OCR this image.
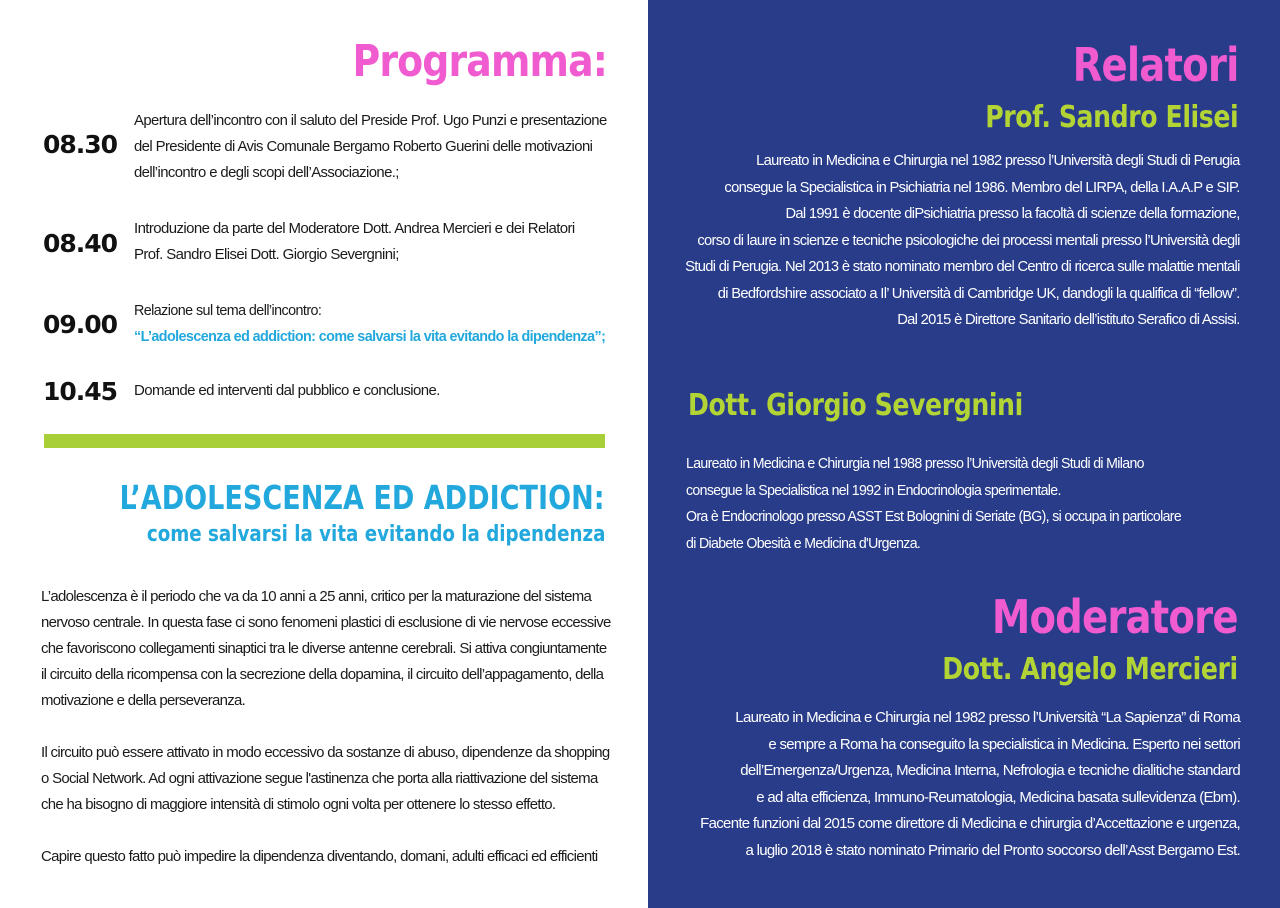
Programma:
08.30
Apertura dell’incontro con il saluto del Preside Prof. Ugo Punzi e presentazione
del Presidente di Avis Comunale Bergamo Roberto Guerini delle motivazioni
dell’incontro e degli scopi dell’Associazione.;
08.40
Introduzione da parte del Moderatore Dott. Andrea Mercieri e dei Relatori
Prof. Sandro Elisei Dott. Giorgio Severgnini;
09.00 Relazione sul tema dell’incontro:
“L’adolescenza ed addiction: come salvarsi la vita evitando la dipendenza”;
10.45 Domande ed interventi dal pubblico e conclusione.
L’ADOLESCENZA ED ADDICTION:
come salvarsi la vita evitando la dipendenza

L’adolescenza è il periodo che va da 10 anni a 25 anni, critico per la maturazione del sistema
nervoso centrale. In questa fase ci sono fenomeni plastici di esclusione di vie nervose eccessive
che favoriscono collegamenti sinaptici tra le diverse antenne cerebrali. Si attiva congiuntamente
il circuito della ricompensa con la secrezione della dopamina, il circuito dell’appagamento, della
motivazione e della perseveranza.

Il circuito può essere attivato in modo eccessivo da sostanze di abuso, dipendenze da shopping
o Social Network. Ad ogni attivazione segue l'astinenza che porta alla riattivazione del sistema
che ha bisogno di maggiore intensità di stimolo ogni volta per ottenere lo stesso effetto.

Capire questo fatto può impedire la dipendenza diventando, domani, adulti efficaci ed efficienti

Relatori
Prof. Sandro Elisei

Laureato in Medicina e Chirurgia nel 1982 presso l’Università degli Studi di Perugia

consegue la Specialistica in Psichiatria nel 1986. Membro del LIRPA, della I.A.A.P e SIP.

Dal 1991 è docente diPsichiatria presso la facoltà di scienze della formazione,

corso di laure in scienze e tecniche psicologiche dei processi mentali presso l’Università degli

Studi di Perugia. Nel 2013 è stato nominato membro del Centro di ricerca sulle malattie mentali

di Bedfordshire associato a Il’ Università di Cambridge UK, dandogli la qualifica di “fellow”.

Dal 2015 è Direttore Sanitario dell’istituto Serafico di Assisi.

Dott. Giorgio Severgnini

Laureato in Medicina e Chirurgia nel 1988 presso l’Università degli Studi di Milano

consegue la Specialistica nel 1992 in Endocrinologia sperimentale.

Ora è Endocrinologo presso ASST Est Bolognini di Seriate (BG), si occupa in particolare

di Diabete Obesità e Medicina d'Urgenza.

Moderatore
Dott. Angelo Mercieri

Laureato in Medicina e Chirurgia nel 1982 presso l’Università “La Sapienza” di Roma

e sempre a Roma ha conseguito la specialistica in Medicina. Esperto nei settori

dell’Emergenza/Urgenza, Medicina Interna, Nefrologia e tecniche dialitiche standard

e ad alta efficienza, Immuno-Reumatologia, Medicina basata sullevidenza (Ebm).

Facente funzioni dal 2015 come direttore di Medicina e chirurgia d’Accettazione e urgenza,

a luglio 2018 è stato nominato Primario del Pronto soccorso dell’Asst Bergamo Est.
